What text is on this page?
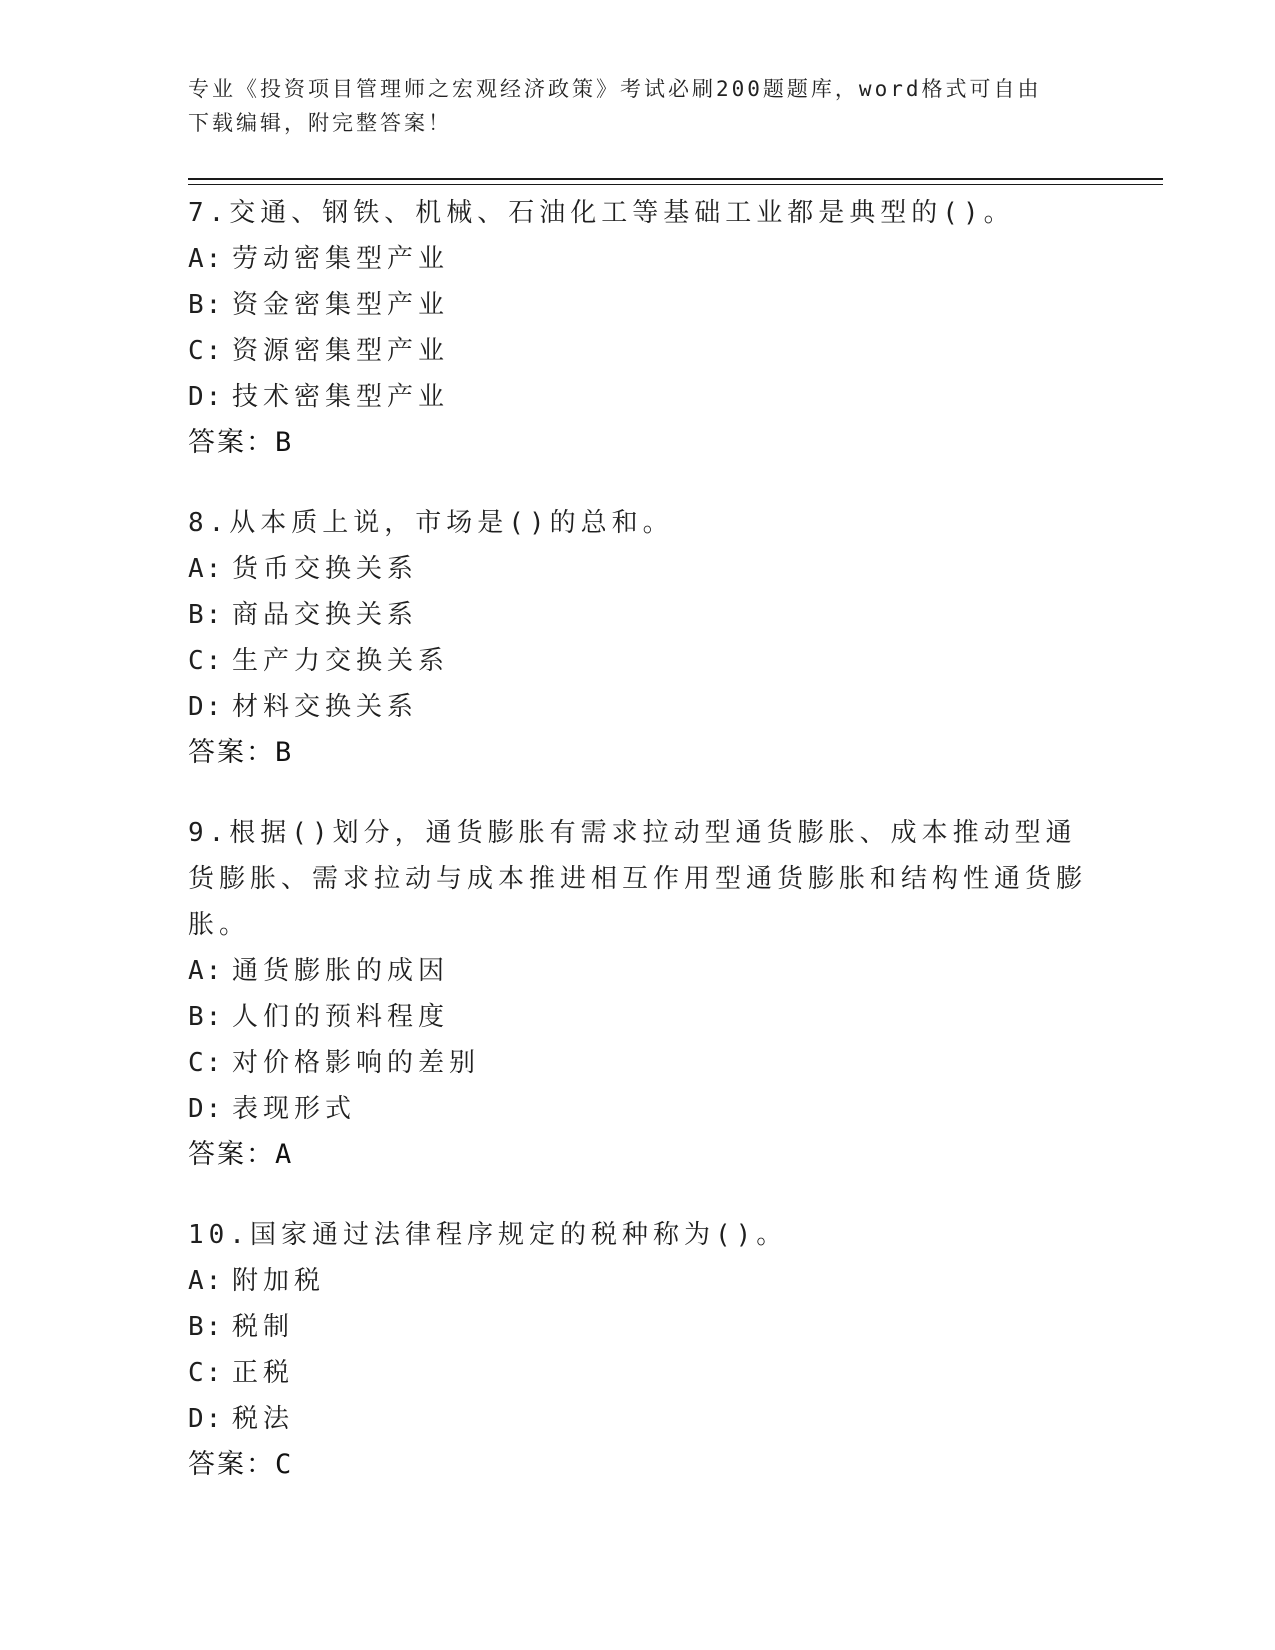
专业《投资项目管理师之宏观经济政策》考试必刷200题题库，word格式可自由
下载编辑，附完整答案！

7.交通、钢铁、机械、石油化工等基础工业都是典型的()。

A: 劳动密集型产业
B: 资金密集型产业
C: 资源密集型产业
D: 技术密集型产业
答案：B

8.从本质上说，市场是()的总和。

A: 货币交换关系
B: 商品交换关系
C: 生产力交换关系
D: 材料交换关系
答案：B

9.根据()划分，通货膨胀有需求拉动型通货膨胀、成本推动型通货膨胀、需求拉动与成本推进相互作用型通货膨胀和结构性通货膨胀。

A: 通货膨胀的成因
B: 人们的预料程度
C: 对价格影响的差别
D: 表现形式
答案：A

10.国家通过法律程序规定的税种称为()。

A: 附加税
B: 税制
C: 正税
D: 税法
答案：C
